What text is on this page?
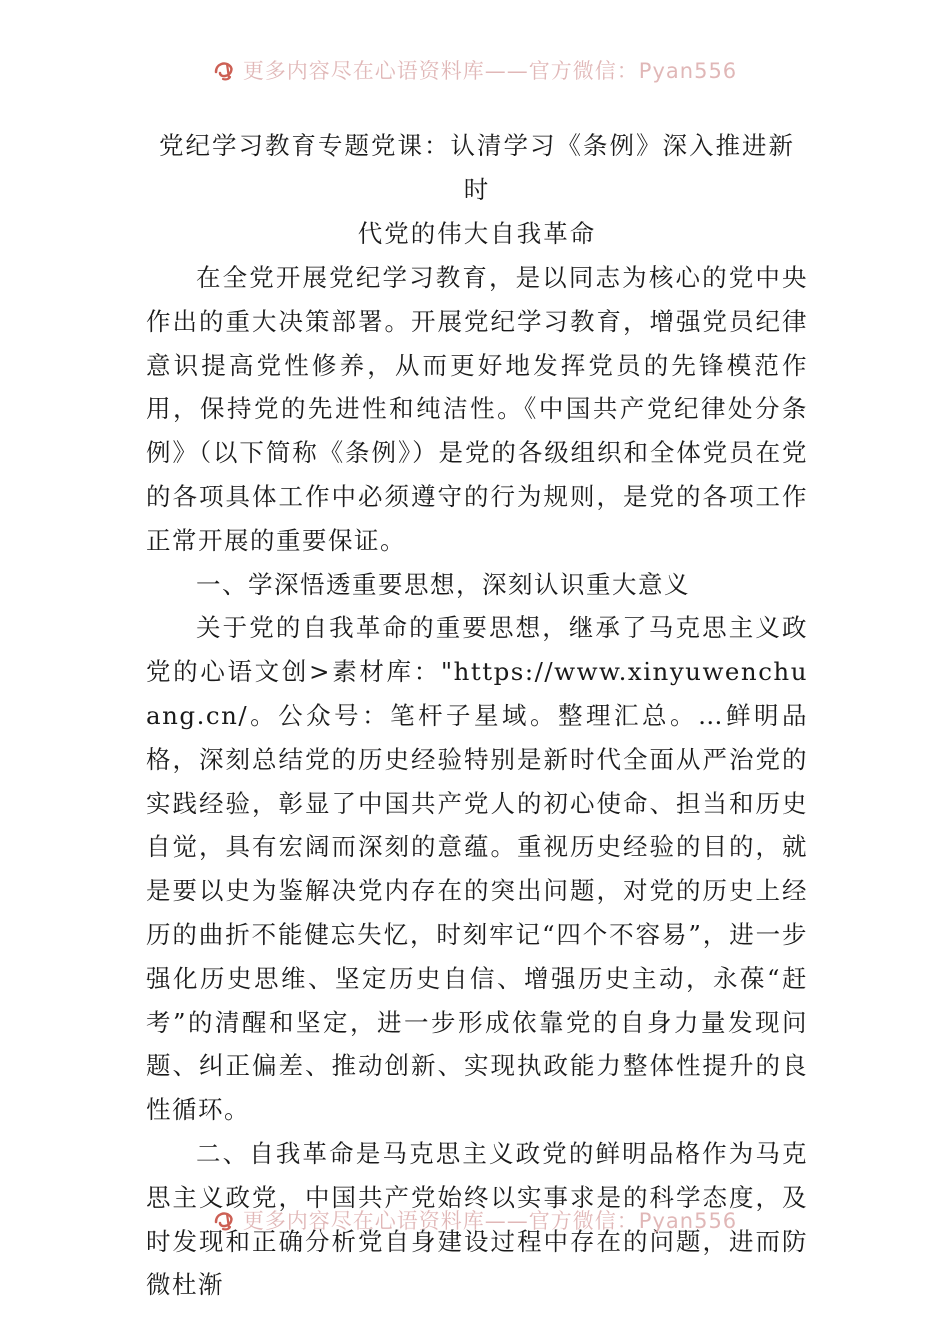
更多内容尽在心语资料库——官方微信：Pyan556
党纪学习教育专题党课：认清学习《条例》深入推进新时
代党的伟大自我革命

在全党开展党纪学习教育，是以同志为核心的党中央作出的重大决策部署。开展党纪学习教育，增强党员纪律意识提高党性修养，从而更好地发挥党员的先锋模范作用，保持党的先进性和纯洁性。《中国共产党纪律处分条例》（以下简称《条例》）是党的各级组织和全体党员在党的各项具体工作中必须遵守的行为规则，是党的各项工作正常开展的重要保证。

一、学深悟透重要思想，深刻认识重大意义

关于党的自我革命的重要思想，继承了马克思主义政党的心语文创>素材库："https://www.xinyuwenchuang.cn/。公众号：笔杆子星域。整理汇总。…鲜明品格，深刻总结党的历史经验特别是新时代全面从严治党的实践经验，彰显了中国共产党人的初心使命、担当和历史自觉，具有宏阔而深刻的意蕴。重视历史经验的目的，就是要以史为鉴解决党内存在的突出问题，对党的历史上经历的曲折不能健忘失忆，时刻牢记“四个不容易”，进一步强化历史思维、坚定历史自信、增强历史主动，永葆“赶考”的清醒和坚定，进一步形成依靠党的自身力量发现问题、纠正偏差、推动创新、实现执政能力整体性提升的良性循环。

二、自我革命是马克思主义政党的鲜明品格作为马克思主义政党，中国共产党始终以实事求是的科学态度，及时发现和正确分析党自身建设过程中存在的问题，进而防微杜渐

更多内容尽在心语资料库——官方微信：Pyan556
